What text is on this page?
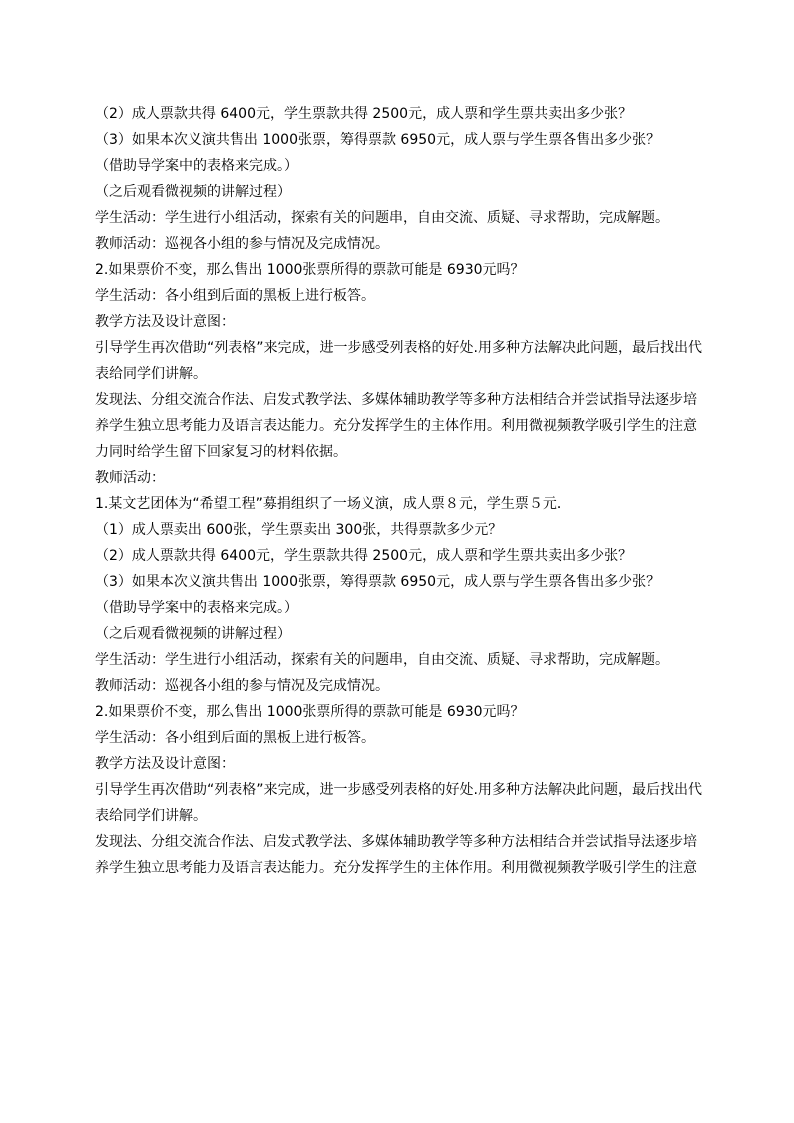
（2）成人票款共得 6400元，学生票款共得 2500元，成人票和学生票共卖出多少张？
（3）如果本次义演共售出 1000张票，筹得票款 6950元，成人票与学生票各售出多少张？
（借助导学案中的表格来完成。）
（之后观看微视频的讲解过程）
学生活动：学生进行小组活动，探索有关的问题串，自由交流、质疑、寻求帮助，完成解题。
教师活动：巡视各小组的参与情况及完成情况。
2.如果票价不变，那么售出 1000张票所得的票款可能是 6930元吗？
学生活动：各小组到后面的黑板上进行板答。
教学方法及设计意图：
引导学生再次借助“列表格”来完成，进一步感受列表格的好处.用多种方法解决此问题，最后找出代
表给同学们讲解。
发现法、分组交流合作法、启发式教学法、多媒体辅助教学等多种方法相结合并尝试指导法逐步培
养学生独立思考能力及语言表达能力。充分发挥学生的主体作用。利用微视频教学吸引学生的注意
力同时给学生留下回家复习的材料依据。
教师活动：
1.某文艺团体为“希望工程”募捐组织了一场义演，成人票８元，学生票５元．
（1）成人票卖出 600张，学生票卖出 300张，共得票款多少元？
（2）成人票款共得 6400元，学生票款共得 2500元，成人票和学生票共卖出多少张？
（3）如果本次义演共售出 1000张票，筹得票款 6950元，成人票与学生票各售出多少张？
（借助导学案中的表格来完成。）
（之后观看微视频的讲解过程）
学生活动：学生进行小组活动，探索有关的问题串，自由交流、质疑、寻求帮助，完成解题。
教师活动：巡视各小组的参与情况及完成情况。
2.如果票价不变，那么售出 1000张票所得的票款可能是 6930元吗？
学生活动：各小组到后面的黑板上进行板答。
教学方法及设计意图：
引导学生再次借助“列表格”来完成，进一步感受列表格的好处.用多种方法解决此问题，最后找出代
表给同学们讲解。
发现法、分组交流合作法、启发式教学法、多媒体辅助教学等多种方法相结合并尝试指导法逐步培
养学生独立思考能力及语言表达能力。充分发挥学生的主体作用。利用微视频教学吸引学生的注意
